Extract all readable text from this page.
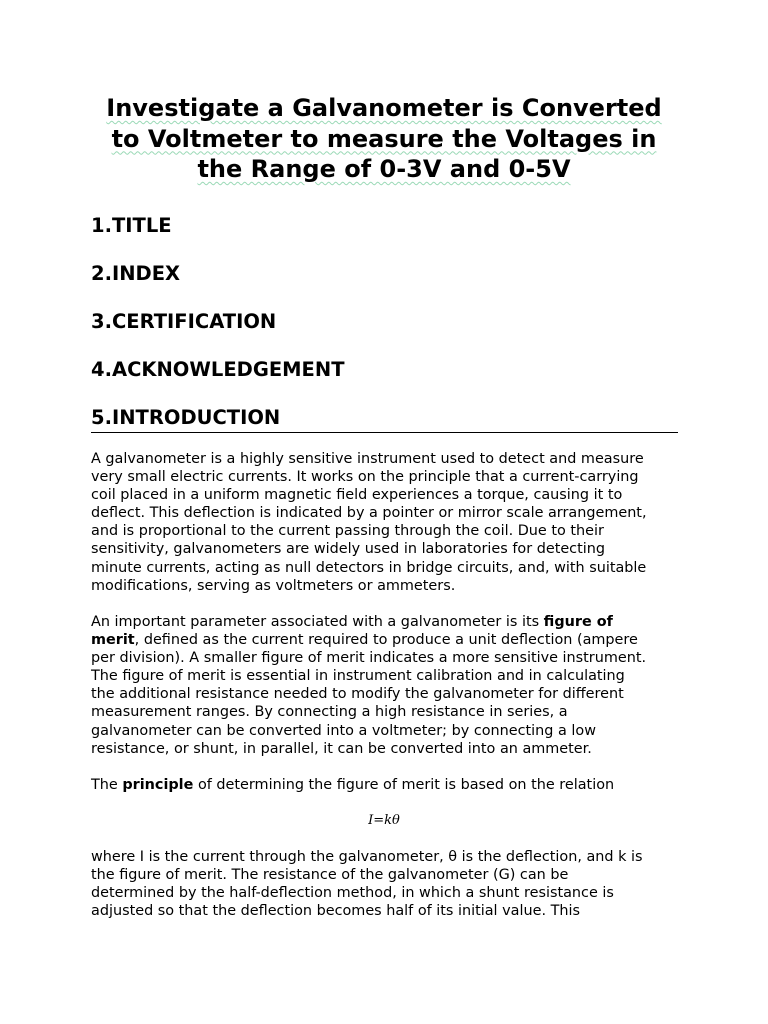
Investigate a Galvanometer is Converted
to Voltmeter to measure the Voltages in
the Range of 0-3V and 0-5V
1.TITLE
2.INDEX
3.CERTIFICATION
4.ACKNOWLEDGEMENT
5.INTRODUCTION

A galvanometer is a highly sensitive instrument used to detect and measure
very small electric currents. It works on the principle that a current-carrying
coil placed in a uniform magnetic field experiences a torque, causing it to
deflect. This deflection is indicated by a pointer or mirror scale arrangement,
and is proportional to the current passing through the coil. Due to their
sensitivity, galvanometers are widely used in laboratories for detecting
minute currents, acting as null detectors in bridge circuits, and, with suitable
modifications, serving as voltmeters or ammeters.

An important parameter associated with a galvanometer is its figure of
merit, defined as the current required to produce a unit deflection (ampere
per division). A smaller figure of merit indicates a more sensitive instrument.
The figure of merit is essential in instrument calibration and in calculating
the additional resistance needed to modify the galvanometer for different
measurement ranges. By connecting a high resistance in series, a
galvanometer can be converted into a voltmeter; by connecting a low
resistance, or shunt, in parallel, it can be converted into an ammeter.

The principle of determining the figure of merit is based on the relation

I=kθ

where I is the current through the galvanometer, θ is the deflection, and k is
the figure of merit. The resistance of the galvanometer (G) can be
determined by the half-deflection method, in which a shunt resistance is
adjusted so that the deflection becomes half of its initial value. This
